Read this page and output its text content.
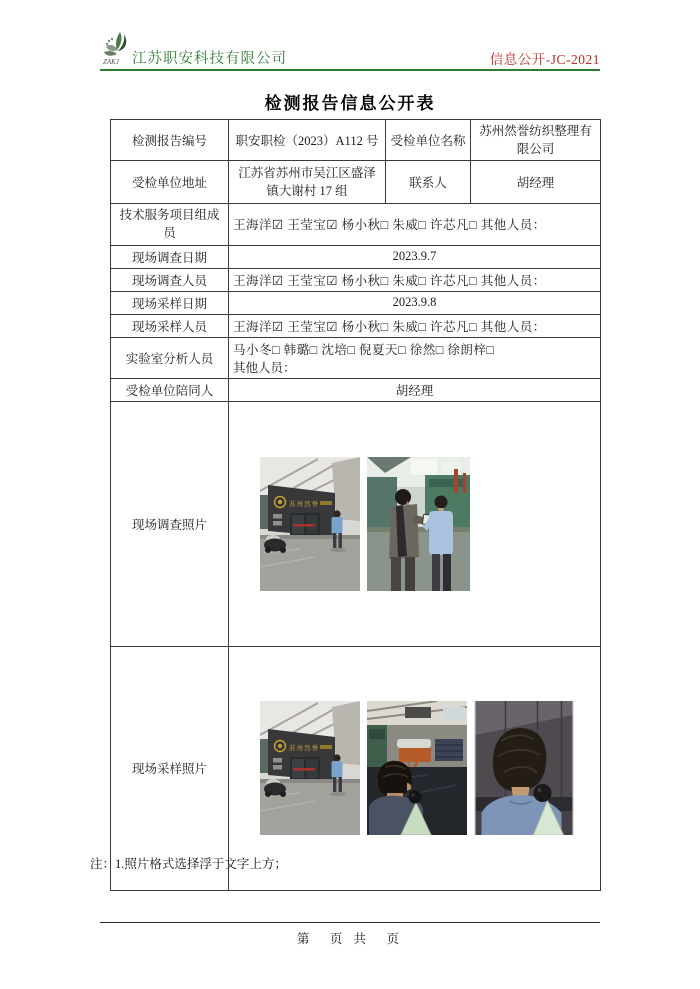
ZAKJ 江苏职安科技有限公司	信息公开-JC-2021
检测报告信息公开表
检测报告编号	职安职检（2023）A112 号	受检单位名称	苏州然誉纺织整理有限公司
受检单位地址	江苏省苏州市吴江区盛泽镇大谢村 17 组	联系人	胡经理
技术服务项目组成员	王海洋☑ 王莹宝☑ 杨小秋□ 朱威□ 许芯凡□ 其他人员：		
现场调查日期	2023.9.7		
现场调查人员	王海洋☑ 王莹宝☑ 杨小秋□ 朱威□ 许芯凡□ 其他人员：		
现场采样日期	2023.9.8		
现场采样人员	王海洋☑ 王莹宝☑ 杨小秋□ 朱威□ 许芯凡□ 其他人员：		
实验室分析人员	马小冬□ 韩璐□ 沈培□ 倪夏天□ 徐然□ 徐朗梓□
其他人员：		

受检单位陪同人	胡经理		
现场调查照片	苏州然誉		

现场采样照片	苏州然誉		
注：1.照片格式选择浮于文字上方；
第　页 共　页
